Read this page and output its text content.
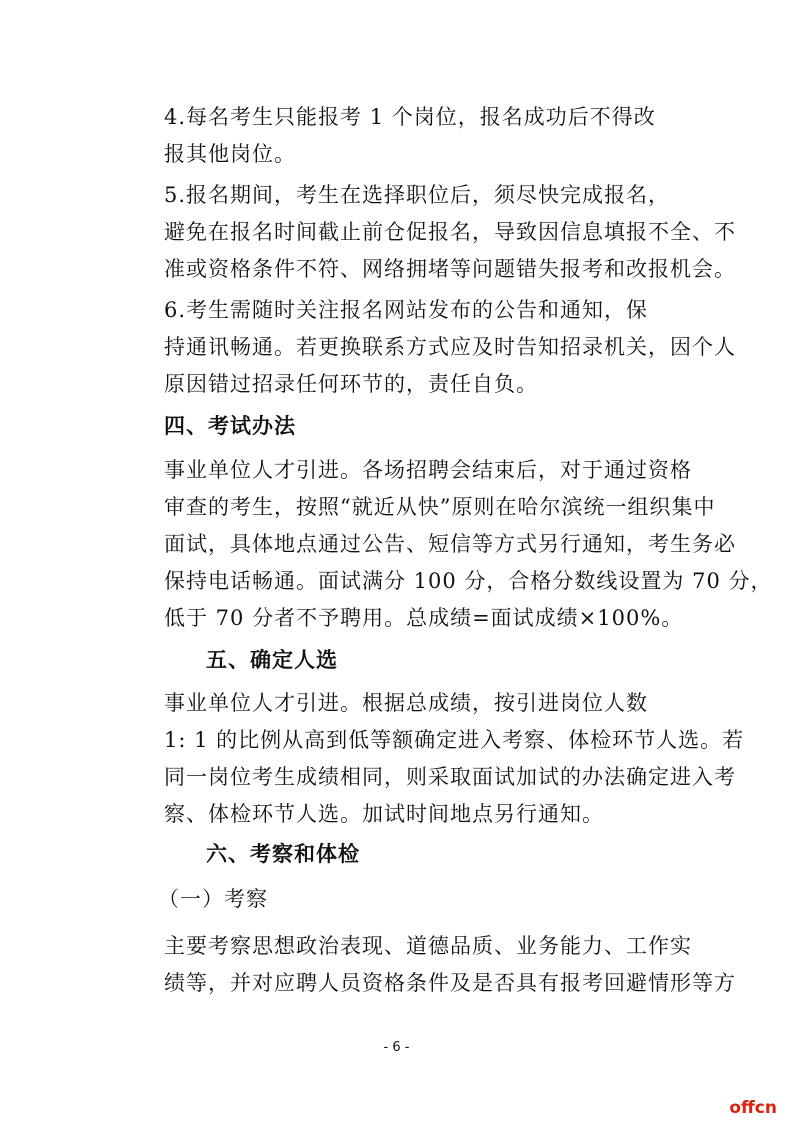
4.每名考生只能报考 1 个岗位，报名成功后不得改
报其他岗位。

5.报名期间，考生在选择职位后，须尽快完成报名，
避免在报名时间截止前仓促报名，导致因信息填报不全、不
准或资格条件不符、网络拥堵等问题错失报考和改报机会。

6.考生需随时关注报名网站发布的公告和通知，保
持通讯畅通。若更换联系方式应及时告知招录机关，因个人
原因错过招录任何环节的，责任自负。

四、考试办法

事业单位人才引进。各场招聘会结束后，对于通过资格
审查的考生，按照“就近从快”原则在哈尔滨统一组织集中
面试，具体地点通过公告、短信等方式另行通知，考生务必
保持电话畅通。面试满分 100 分，合格分数线设置为 70 分，
低于 70 分者不予聘用。总成绩=面试成绩×100%。

五、确定人选

事业单位人才引进。根据总成绩，按引进岗位人数
1: 1 的比例从高到低等额确定进入考察、体检环节人选。若
同一岗位考生成绩相同，则采取面试加试的办法确定进入考
察、体检环节人选。加试时间地点另行通知。

六、考察和体检

（一）考察

主要考察思想政治表现、道德品质、业务能力、工作实
绩等，并对应聘人员资格条件及是否具有报考回避情形等方

- 6 -
offcn
